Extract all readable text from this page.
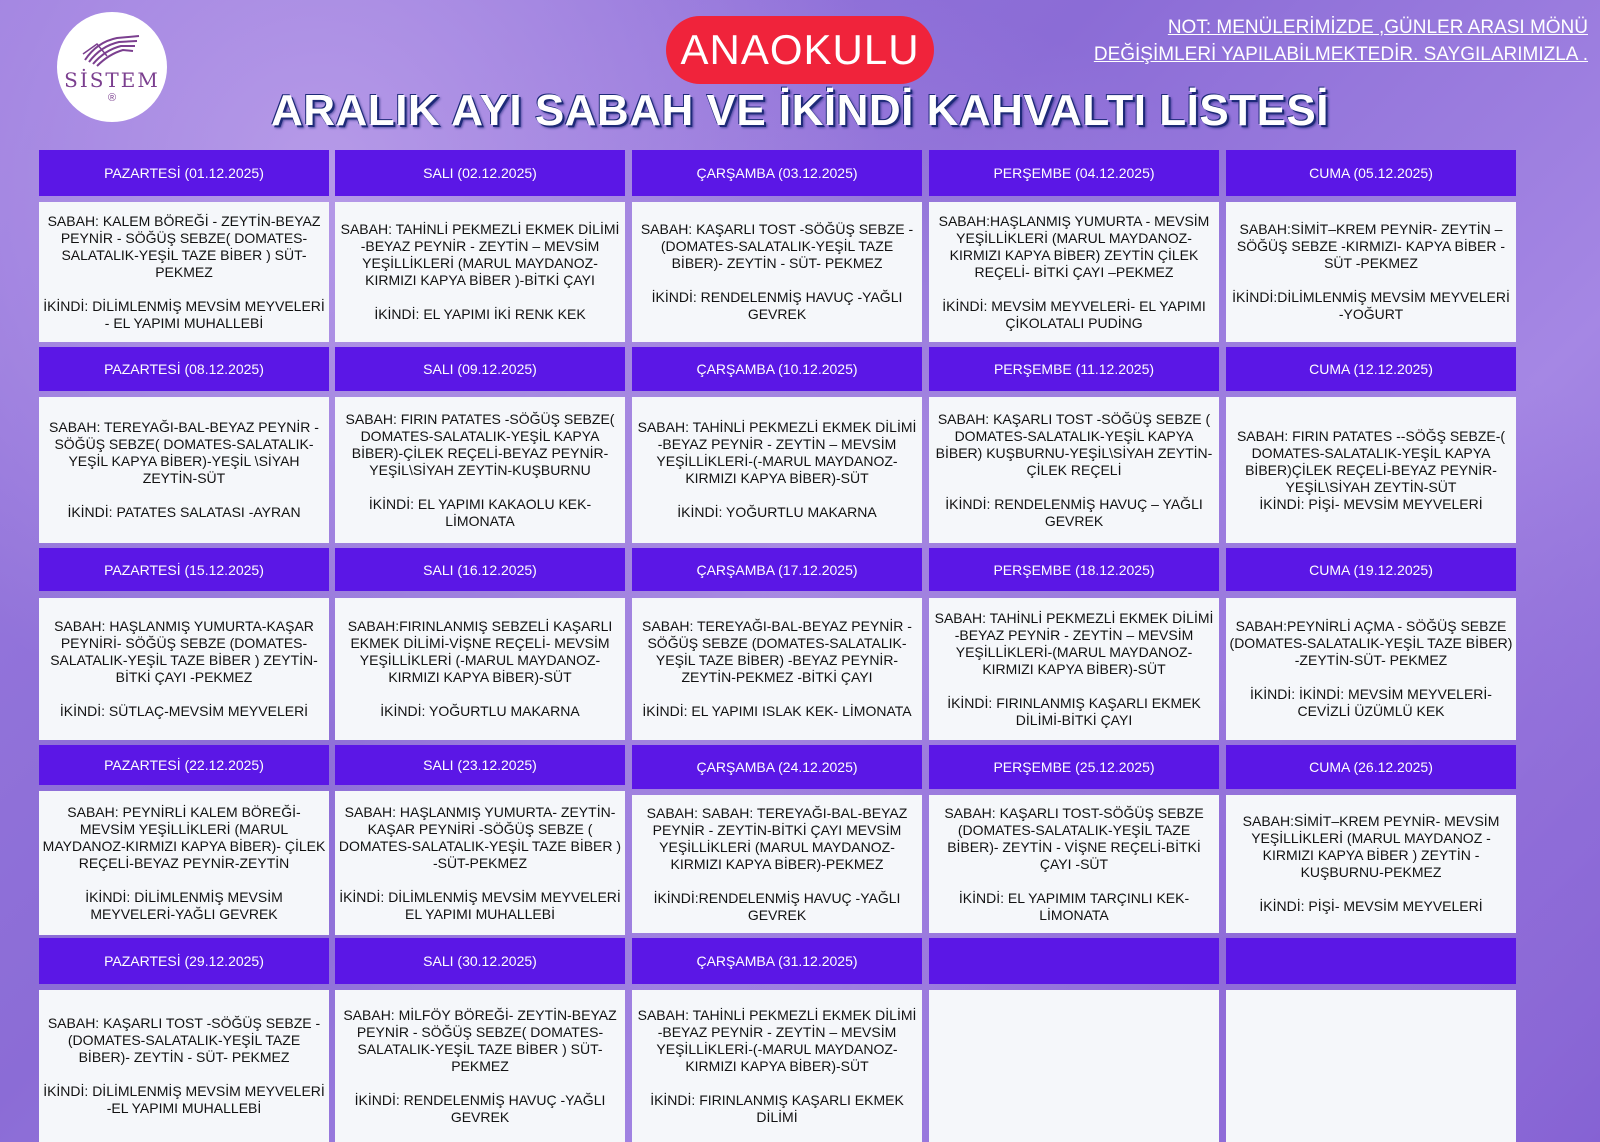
SİSTEM
®
ANAOKULU	NOT: MENÜLERİMİZDE ,GÜNLER ARASI MÖNÜ
DEĞİŞİMLERİ YAPILABİLMEKTEDİR. SAYGILARIMIZLA .
ARALIK AYI SABAH VE İKİNDİ KAHVALTI LİSTESİ
PAZARTESİ (01.12.2025)
SABAH: KALEM BÖREĞİ - ZEYTİN-BEYAZ PEYNİR - SÖĞÜŞ SEBZE( DOMATES-SALATALIK-YEŞİL TAZE BİBER ) SÜT-PEKMEZ
İKİNDİ: DİLİMLENMİŞ MEVSİM MEYVELERİ - EL YAPIMI MUHALLEBİ
SALI (02.12.2025)
SABAH: TAHİNLİ PEKMEZLİ EKMEK DİLİMİ -BEYAZ PEYNİR - ZEYTİN – MEVSİM YEŞİLLİKLERİ (MARUL MAYDANOZ-KIRMIZI KAPYA BİBER )-BİTKİ ÇAYI
İKİNDİ: EL YAPIMI İKİ RENK KEK
ÇARŞAMBA (03.12.2025)
SABAH: KAŞARLI TOST -SÖĞÜŞ SEBZE -(DOMATES-SALATALIK-YEŞİL TAZE BİBER)- ZEYTİN - SÜT- PEKMEZ
İKİNDİ: RENDELENMİŞ HAVUÇ -YAĞLI GEVREK
PERŞEMBE (04.12.2025)
SABAH:HAŞLANMIŞ YUMURTA - MEVSİM YEŞİLLİKLERİ (MARUL MAYDANOZ-KIRMIZI KAPYA BİBER) ZEYTİN ÇİLEK REÇELİ- BİTKİ ÇAYI –PEKMEZ
İKİNDİ: MEVSİM MEYVELERİ- EL YAPIMI ÇİKOLATALI PUDİNG
CUMA (05.12.2025)
SABAH:SİMİT–KREM PEYNİR- ZEYTİN –SÖĞÜŞ SEBZE -KIRMIZI- KAPYA BİBER - SÜT -PEKMEZ
İKİNDİ:DİLİMLENMİŞ MEVSİM MEYVELERİ -YOĞURT
PAZARTESİ (08.12.2025)
SABAH: TEREYAĞI-BAL-BEYAZ PEYNİR - SÖĞÜŞ SEBZE( DOMATES-SALATALIK-YEŞİL KAPYA BİBER)-YEŞİL \SİYAH ZEYTİN-SÜT
İKİNDİ: PATATES SALATASI -AYRAN
SALI (09.12.2025)
SABAH: FIRIN PATATES -SÖĞÜŞ SEBZE( DOMATES-SALATALIK-YEŞİL KAPYA BİBER)-ÇİLEK REÇELİ-BEYAZ PEYNİR-YEŞİL\SİYAH ZEYTİN-KUŞBURNU
İKİNDİ: EL YAPIMI KAKAOLU KEK-LİMONATA
ÇARŞAMBA (10.12.2025)
SABAH: TAHİNLİ PEKMEZLİ EKMEK DİLİMİ -BEYAZ PEYNİR - ZEYTİN – MEVSİM YEŞİLLİKLERİ-(-MARUL MAYDANOZ-KIRMIZI KAPYA BİBER)-SÜT
İKİNDİ: YOĞURTLU MAKARNA
PERŞEMBE (11.12.2025)
SABAH: KAŞARLI TOST -SÖĞÜŞ SEBZE ( DOMATES-SALATALIK-YEŞİL KAPYA BİBER) KUŞBURNU-YEŞİL\SİYAH ZEYTİN-ÇİLEK REÇELİ
İKİNDİ: RENDELENMİŞ HAVUÇ – YAĞLI GEVREK
CUMA (12.12.2025)
SABAH: FIRIN PATATES --SÖĞŞ SEBZE-( DOMATES-SALATALIK-YEŞİL KAPYA BİBER)ÇİLEK REÇELİ-BEYAZ PEYNİR-YEŞİL\SİYAH ZEYTİN-SÜT
İKİNDİ: PİŞİ- MEVSİM MEYVELERİ
PAZARTESİ (15.12.2025)
SABAH: HAŞLANMIŞ YUMURTA-KAŞAR PEYNİRİ- SÖĞÜŞ SEBZE (DOMATES-SALATALIK-YEŞİL TAZE BİBER ) ZEYTİN-BİTKİ ÇAYI -PEKMEZ
İKİNDİ: SÜTLAÇ-MEVSİM MEYVELERİ
SALI (16.12.2025)
SABAH:FIRINLANMIŞ SEBZELİ KAŞARLI EKMEK DİLİMİ-VİŞNE REÇELİ- MEVSİM YEŞİLLİKLERİ (-MARUL MAYDANOZ-KIRMIZI KAPYA BİBER)-SÜT
İKİNDİ: YOĞURTLU MAKARNA
ÇARŞAMBA (17.12.2025)
SABAH: TEREYAĞI-BAL-BEYAZ PEYNİR - SÖĞÜŞ SEBZE (DOMATES-SALATALIK-YEŞİL TAZE BİBER) -BEYAZ PEYNİR-ZEYTİN-PEKMEZ -BİTKİ ÇAYI
İKİNDİ: EL YAPIMI ISLAK KEK- LİMONATA
PERŞEMBE (18.12.2025)
SABAH: TAHİNLİ PEKMEZLİ EKMEK DİLİMİ -BEYAZ PEYNİR - ZEYTİN – MEVSİM YEŞİLLİKLERİ-(MARUL MAYDANOZ-KIRMIZI KAPYA BİBER)-SÜT
İKİNDİ: FIRINLANMIŞ KAŞARLI EKMEK DİLİMİ-BİTKİ ÇAYI
CUMA (19.12.2025)
SABAH:PEYNİRLİ AÇMA - SÖĞÜŞ SEBZE (DOMATES-SALATALIK-YEŞİL TAZE BİBER) -ZEYTİN-SÜT- PEKMEZ
İKİNDİ: İKİNDİ: MEVSİM MEYVELERİ-CEVİZLİ ÜZÜMLÜ KEK
PAZARTESİ (22.12.2025)
SABAH: PEYNİRLİ KALEM BÖREĞİ-MEVSİM YEŞİLLİKLERİ (MARUL MAYDANOZ-KIRMIZI KAPYA BİBER)- ÇİLEK REÇELİ-BEYAZ PEYNİR-ZEYTİN
İKİNDİ: DİLİMLENMİŞ MEVSİM MEYVELERİ-YAĞLI GEVREK
SALI (23.12.2025)
SABAH: HAŞLANMIŞ YUMURTA- ZEYTİN-KAŞAR PEYNİRİ -SÖĞÜŞ SEBZE ( DOMATES-SALATALIK-YEŞİL TAZE BİBER ) -SÜT-PEKMEZ
İKİNDİ: DİLİMLENMİŞ MEVSİM MEYVELERİ EL YAPIMI MUHALLEBİ
ÇARŞAMBA (24.12.2025)
SABAH: SABAH: TEREYAĞI-BAL-BEYAZ PEYNİR - ZEYTİN-BİTKİ ÇAYI MEVSİM YEŞİLLİKLERİ (MARUL MAYDANOZ-KIRMIZI KAPYA BİBER)-PEKMEZ
İKİNDİ:RENDELENMİŞ HAVUÇ -YAĞLI GEVREK
PERŞEMBE (25.12.2025)
SABAH: KAŞARLI TOST-SÖĞÜŞ SEBZE (DOMATES-SALATALIK-YEŞİL TAZE BİBER)- ZEYTİN - VİŞNE REÇELİ-BİTKİ ÇAYI -SÜT
İKİNDİ: EL YAPIMIM TARÇINLI KEK-LİMONATA
CUMA (26.12.2025)
SABAH:SİMİT–KREM PEYNİR- MEVSİM YEŞİLLİKLERİ (MARUL MAYDANOZ -KIRMIZI KAPYA BİBER ) ZEYTİN -KUŞBURNU-PEKMEZ
İKİNDİ: PİŞİ- MEVSİM MEYVELERİ
PAZARTESİ (29.12.2025)
SABAH: KAŞARLI TOST -SÖĞÜŞ SEBZE -(DOMATES-SALATALIK-YEŞİL TAZE BİBER)- ZEYTİN - SÜT- PEKMEZ
İKİNDİ: DİLİMLENMİŞ MEVSİM MEYVELERİ -EL YAPIMI MUHALLEBİ
SALI (30.12.2025)
SABAH: MİLFÖY BÖREĞİ- ZEYTİN-BEYAZ PEYNİR - SÖĞÜŞ SEBZE( DOMATES-SALATALIK-YEŞİL TAZE BİBER ) SÜT-PEKMEZ
İKİNDİ: RENDELENMİŞ HAVUÇ -YAĞLI GEVREK
ÇARŞAMBA (31.12.2025)
SABAH: TAHİNLİ PEKMEZLİ EKMEK DİLİMİ -BEYAZ PEYNİR - ZEYTİN – MEVSİM YEŞİLLİKLERİ-(-MARUL MAYDANOZ-KIRMIZI KAPYA BİBER)-SÜT
İKİNDİ: FIRINLANMIŞ KAŞARLI EKMEK DİLİMİ
